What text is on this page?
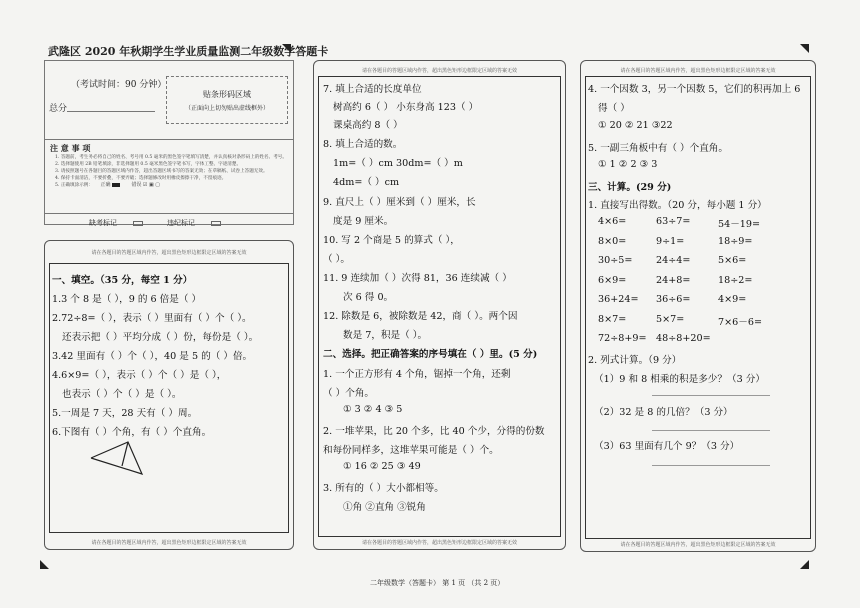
武隆区 2020 年秋期学生学业质量监测二年级数学答题卡
（考试时间：90 分钟）
总分
贴条形码区域
（正面向上切勿贴出虚线框外）
注 意 事 项
1. 答题前，考生务必将自己的姓名、考号用 0.5 毫米的黑色签字笔填写清楚，并认真核对条形码上的姓名、考号。
2. 选择题使用 2B 铅笔填涂，非选择题用 0.5 毫米黑色签字笔书写，字体工整、字迹清楚。
3. 请按照题号在各题目的答题区域内作答，超出答题区域书写的答案无效；在草稿纸、试卷上答题无效。
4. 保持卡面清洁，不要折叠，不要弄破；选择题修改时用橡皮擦擦干净，不留痕迹。
5. 正确填涂示例： 正确	错误 ☑ ▣ ▢
缺考标记	违纪标记
请在各题目的答题区域内作答，超出黑色矩形边框限定区域的答案无效
请在各题目的答题区域内作答，超出黑色矩形边框限定区域的答案无效
一、填空。（35 分，每空 1 分）
1.3 个 8 是（ ），9 的 6 倍是（ ）
2.72÷8=（ ），表示（ ）里面有（ ）个（ ）。
还表示把（ ）平均分成（ ）份，每份是（ ）。
3.42 里面有（ ）个（ ），40 是 5 的（ ）倍。
4.6×9=（ ），表示（ ）个（ ）是（ ），
也表示（ ）个（ ）是（ ）。
5.一周是 7 天，28 天有（ ）周。
6.下图有（ ）个角，有（ ）个直角。
请在各题目的答题区域内作答，超出黑色矩形边框限定区域的答案无效
请在各题目的答题区域内作答，超出黑色矩形边框限定区域的答案无效
7. 填上合适的长度单位
树高约 6（ ） 小东身高 123（ ）
课桌高约 8（ ）
8. 填上合适的数。
1m=（ ）cm 30dm=（ ）m
4dm=（ ）cm
9. 直尺上（ ）厘米到（ ）厘米，长
度是 9 厘米。
10. 写 2 个商是 5 的算式（ ），
（ ）。
11. 9 连续加（ ）次得 81，36 连续减（ ）
次 6 得 0。
12. 除数是 6，被除数是 42，商（ ）。两个因
数是 7，积是（ ）。
二、选择。把正确答案的序号填在（ ）里。(5 分)
1. 一个正方形有 4 个角，锯掉一个角，还剩
（ ）个角。
① 3 ② 4 ③ 5
2. 一堆苹果，比 20 个多，比 40 个少，分得的份数
和每份同样多，这堆苹果可能是（ ）个。
① 16 ② 25 ③ 49
3. 所有的（ ）大小都相等。
①角 ②直角 ③锐角
请在各题目的答题区域内作答，超出黑色矩形边框限定区域的答案无效
请在各题目的答题区域内作答，超出黑色矩形边框限定区域的答案无效
4. 一个因数 3，另一个因数 5，它们的积再加上 6
得（ ）
① 20 ② 21 ③22
5. 一副三角板中有（ ）个直角。
① 1 ② 2 ③ 3
三、计算。(29 分)
1. 直接写出得数。（20 分，每小题 1 分）
4×6=	63÷7=	54－19=
8×0=	9÷1=	18÷9=
30÷5= 24÷4=	5×6=
6×9=	24+8=	18÷2=
36+24= 36÷6=	4×9=
8×7=	5×7=	7×6－6=
72÷8+9= 48÷8+20=
2. 列式计算。（9 分）
（1）9 和 8 相乘的积是多少？（3 分）
（2）32 是 8 的几倍？（3 分）
（3）63 里面有几个 9？（3 分）
二年级数学（答题卡） 第 1 页 （共 2 页）
